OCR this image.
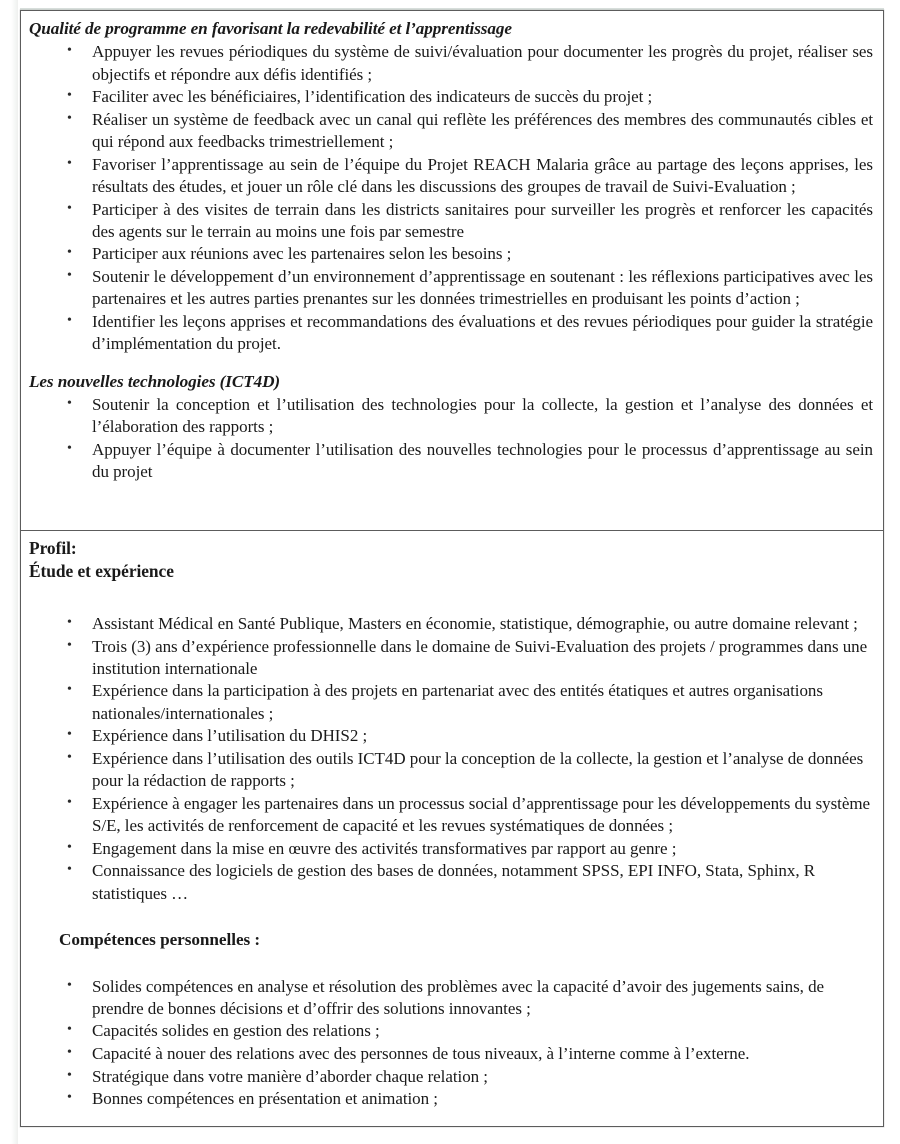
Qualité de programme en favorisant la redevabilité et l’apprentissage
• Appuyer les revues périodiques du système de suivi/évaluation pour documenter les progrès du projet, réaliser ses objectifs et répondre aux défis identifiés ;
• Faciliter avec les bénéficiaires, l’identification des indicateurs de succès du projet ;
• Réaliser un système de feedback avec un canal qui reflète les préférences des membres des communautés cibles et qui répond aux feedbacks trimestriellement ;
• Favoriser l’apprentissage au sein de l’équipe du Projet REACH Malaria grâce au partage des leçons apprises, les résultats des études, et jouer un rôle clé dans les discussions des groupes de travail de Suivi-Evaluation ;
• Participer à des visites de terrain dans les districts sanitaires pour surveiller les progrès et renforcer les capacités des agents sur le terrain au moins une fois par semestre
• Participer aux réunions avec les partenaires selon les besoins ;
• Soutenir le développement d’un environnement d’apprentissage en soutenant : les réflexions participatives avec les partenaires et les autres parties prenantes sur les données trimestrielles en produisant les points d’action ;
• Identifier les leçons apprises et recommandations des évaluations et des revues périodiques pour guider la stratégie d’implémentation du projet.
Les nouvelles technologies (ICT4D)
• Soutenir la conception et l’utilisation des technologies pour la collecte, la gestion et l’analyse des données et l’élaboration des rapports ;
• Appuyer l’équipe à documenter l’utilisation des nouvelles technologies pour le processus d’apprentissage au sein du projet
Profil:
Étude et expérience
• Assistant Médical en Santé Publique, Masters en économie, statistique, démographie, ou autre domaine relevant ;
• Trois (3) ans d’expérience professionnelle dans le domaine de Suivi-Evaluation des projets / programmes dans une institution internationale
• Expérience dans la participation à des projets en partenariat avec des entités étatiques et autres organisations nationales/internationales ;
• Expérience dans l’utilisation du DHIS2 ;
• Expérience dans l’utilisation des outils ICT4D pour la conception de la collecte, la gestion et l’analyse de données pour la rédaction de rapports ;
• Expérience à engager les partenaires dans un processus social d’apprentissage pour les développements du système S/E, les activités de renforcement de capacité et les revues systématiques de données ;
• Engagement dans la mise en œuvre des activités transformatives par rapport au genre ;
• Connaissance des logiciels de gestion des bases de données, notamment SPSS, EPI INFO, Stata, Sphinx, R statistiques …
Compétences personnelles :
• Solides compétences en analyse et résolution des problèmes avec la capacité d’avoir des jugements sains, de prendre de bonnes décisions et d’offrir des solutions innovantes ;
• Capacités solides en gestion des relations ;
• Capacité à nouer des relations avec des personnes de tous niveaux, à l’interne comme à l’externe.
• Stratégique dans votre manière d’aborder chaque relation ;
• Bonnes compétences en présentation et animation ;
